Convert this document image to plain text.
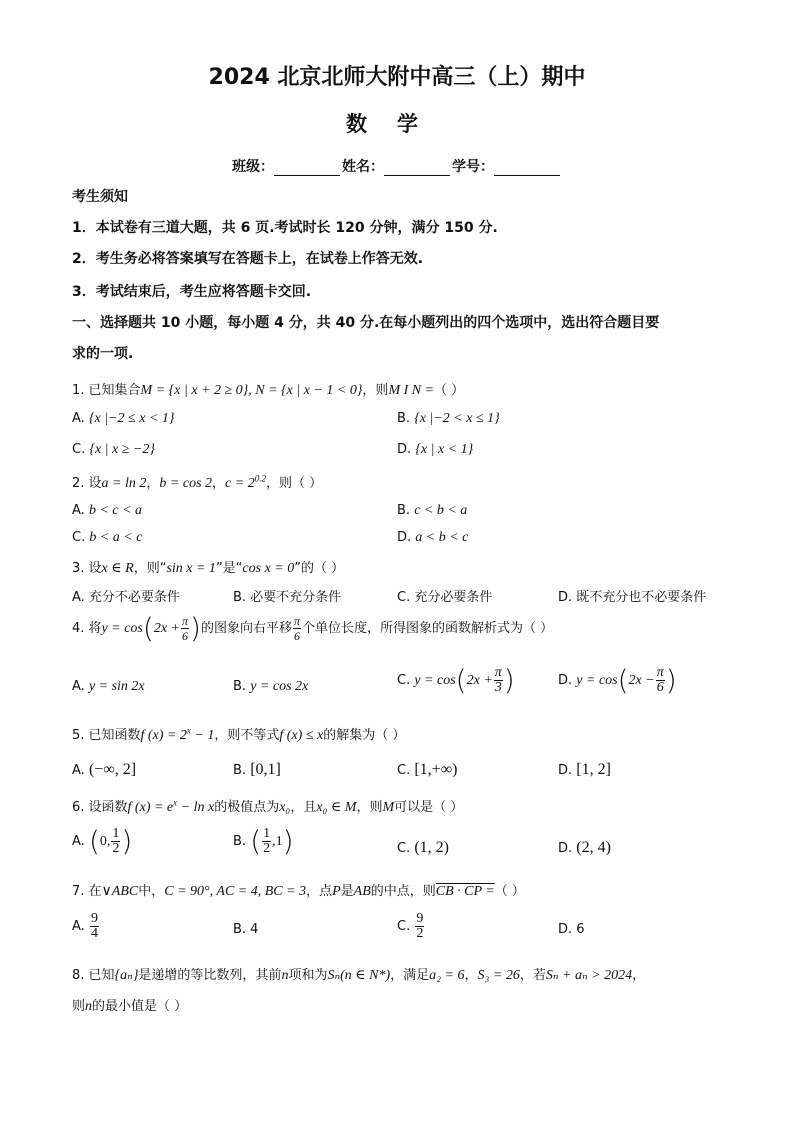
2024 北京北师大附中高三（上）期中
数学
班级：	姓名：	学号：
考生须知
1．本试卷有三道大题，共 6 页.考试时长 120 分钟，满分 150 分.
2．考生务必将答案填写在答题卡上，在试卷上作答无效.
3．考试结束后，考生应将答题卡交回.
一、选择题共 10 小题，每小题 4 分，共 40 分.在每小题列出的四个选项中，选出符合题目要
求的一项.
1. 已知集合M = {x | x + 2 ≥ 0}, N = {x | x − 1 < 0}，则M I N =（ ）
A. {x |−2 ≤ x < 1}	B. {x |−2 < x ≤ 1}
C. {x | x ≥ −2}	D. {x | x < 1}
2. 设a = ln 2，b = cos 2，$c = 2^{0.2}$，则（ ）
A. b < c < a	B. c < b < a
C. b < a < c	D. a < b < c
3. 设x ∈ R，则“sin x = 1”是“cos x = 0”的（ ）
A. 充分不必要条件	B. 必要不充分条件	C. 充分必要条件	D. 既不充分也不必要条件
4. 将$y = \cos(2x + \frac{\pi}{6}$ )的图象向右平移 $\frac{\pi}{6}$ 个单位长度，所得图象的函数解析式为（ ）
A. y = sin 2x	B. y = cos 2x	C. $y = \cos(2x + \frac{\pi}{3}$ )	D. $y = \cos(2x - \frac{\pi}{6}$ )
5. 已知函数f $(x) = 2^x - 1$，则不等式f (x) ≤ x的解集为（ ）
A. (−∞, 2]	B. [0,1]	C. [1,+∞)	D. [1, 2]
6. 设函数f $(x) = e^x - \ln x$的极值点为x₀，且x₀ ∈ M，则M可以是（ ）
A. (0, $\frac{1}{2}$ )	B. ( $\frac{1}{2} ,1$)	C. (1, 2)	D. (2, 4)
7. 在∨ABC中，C = 90°, AC = 4, BC = 3，点P是AB的中点，则CB · CP =（ ）
A. $\frac{9}{4}$	B. 4	C. $\frac{9}{2}$	D. 6
8. 已知{aₙ}是递增的等比数列，其前n项和为Sₙ(n ∈ N*)，满足a₂ = 6，S₃ = 26，若Sₙ + aₙ > 2024，
则n的最小值是（ ）
